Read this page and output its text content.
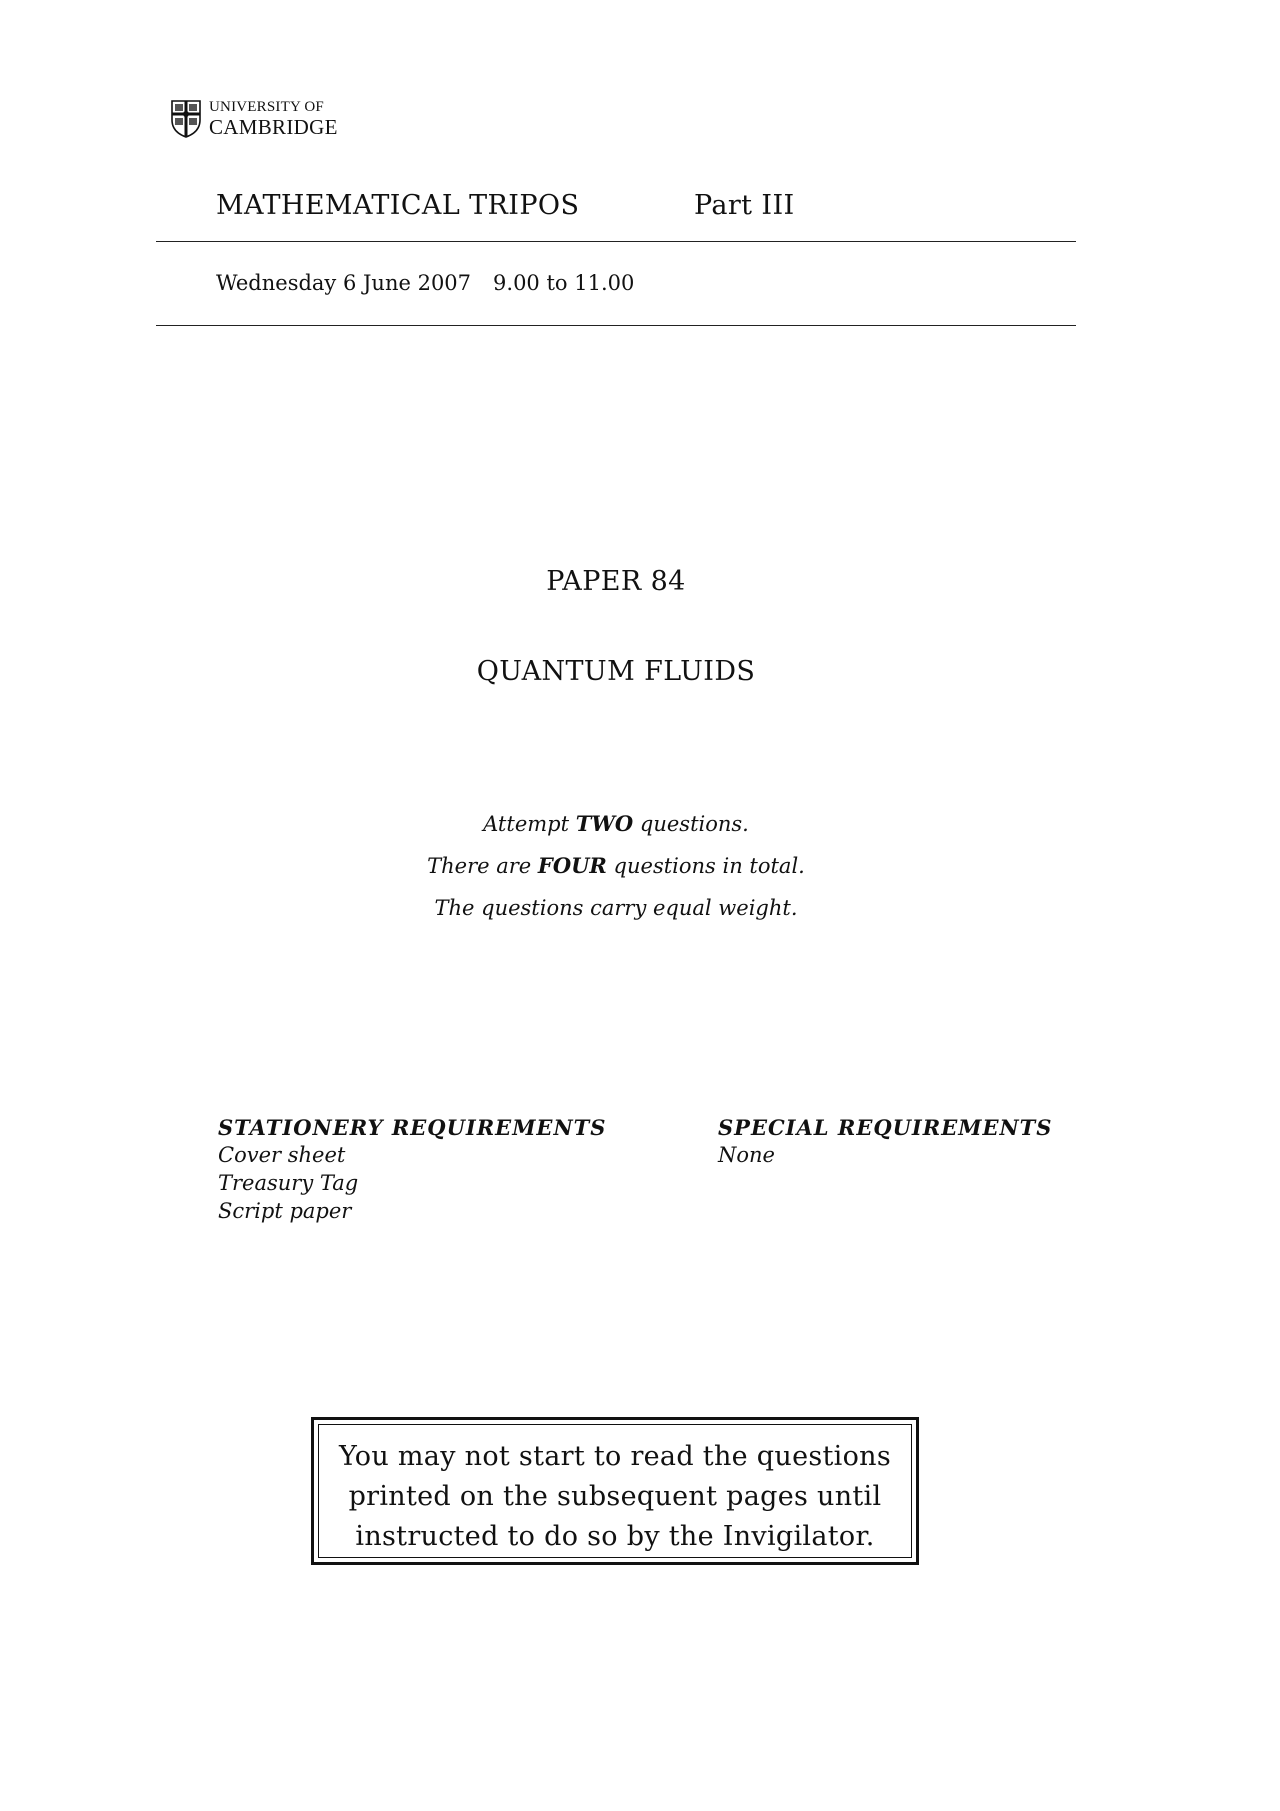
UNIVERSITY OF
CAMBRIDGE
MATHEMATICAL TRIPOS	Part III
Wednesday 6 June 2007 9.00 to 11.00
PAPER 84
QUANTUM FLUIDS
Attempt TWO questions.
There are FOUR questions in total.
The questions carry equal weight.
STATIONERY REQUIREMENTS
Cover sheet
Treasury Tag
Script paper
SPECIAL REQUIREMENTS
None
You may not start to read the questions
printed on the subsequent pages until
instructed to do so by the Invigilator.
